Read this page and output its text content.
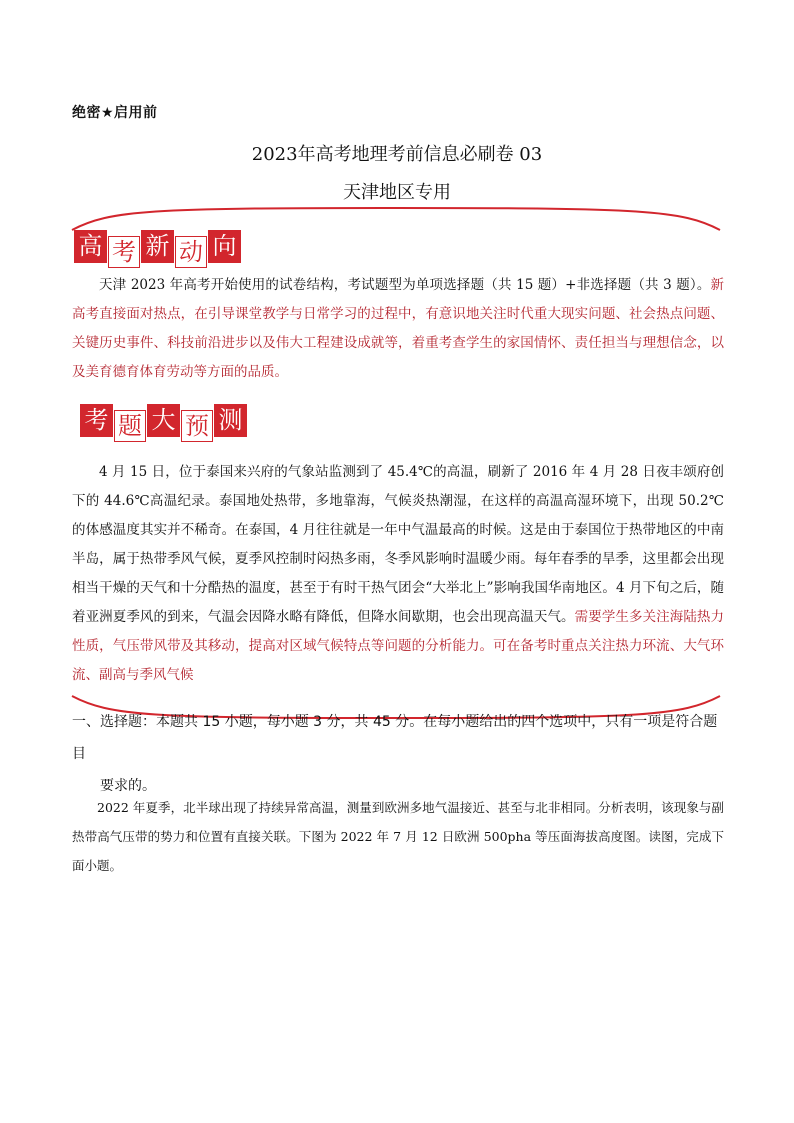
绝密★启用前
2023年高考地理考前信息必刷卷 03
天津地区专用
高 考 新 动 向

天津 2023 年高考开始使用的试卷结构，考试题型为单项选择题（共 15 题）+非选择题（共 3 题）。新高考直接面对热点，在引导课堂教学与日常学习的过程中，有意识地关注时代重大现实问题、社会热点问题、关键历史事件、科技前沿进步以及伟大工程建设成就等，着重考查学生的家国情怀、责任担当与理想信念，以及美育德育体育劳动等方面的品质。

考 题 大 预 测

4 月 15 日，位于泰国来兴府的气象站监测到了 45.4℃的高温，刷新了 2016 年 4 月 28 日夜丰颂府创下的 44.6℃高温纪录。泰国地处热带，多地靠海，气候炎热潮湿，在这样的高温高湿环境下，出现 50.2℃的体感温度其实并不稀奇。在泰国，4 月往往就是一年中气温最高的时候。这是由于泰国位于热带地区的中南半岛，属于热带季风气候，夏季风控制时闷热多雨，冬季风影响时温暖少雨。每年春季的旱季，这里都会出现相当干燥的天气和十分酷热的温度，甚至于有时干热气团会“大举北上”影响我国华南地区。4 月下旬之后，随着亚洲夏季风的到来，气温会因降水略有降低，但降水间歇期，也会出现高温天气。需要学生多关注海陆热力性质，气压带风带及其移动，提高对区域气候特点等问题的分析能力。可在备考时重点关注热力环流、大气环流、副高与季风气候

一、选择题：本题共 15 小题，每小题 3 分，共 45 分。在每小题给出的四个选项中，只有一项是符合题目
要求的。

2022 年夏季，北半球出现了持续异常高温，测量到欧洲多地气温接近、甚至与北非相同。分析表明，该现象与副热带高气压带的势力和位置有直接关联。下图为 2022 年 7 月 12 日欧洲 500pha 等压面海拔高度图。读图，完成下面小题。
